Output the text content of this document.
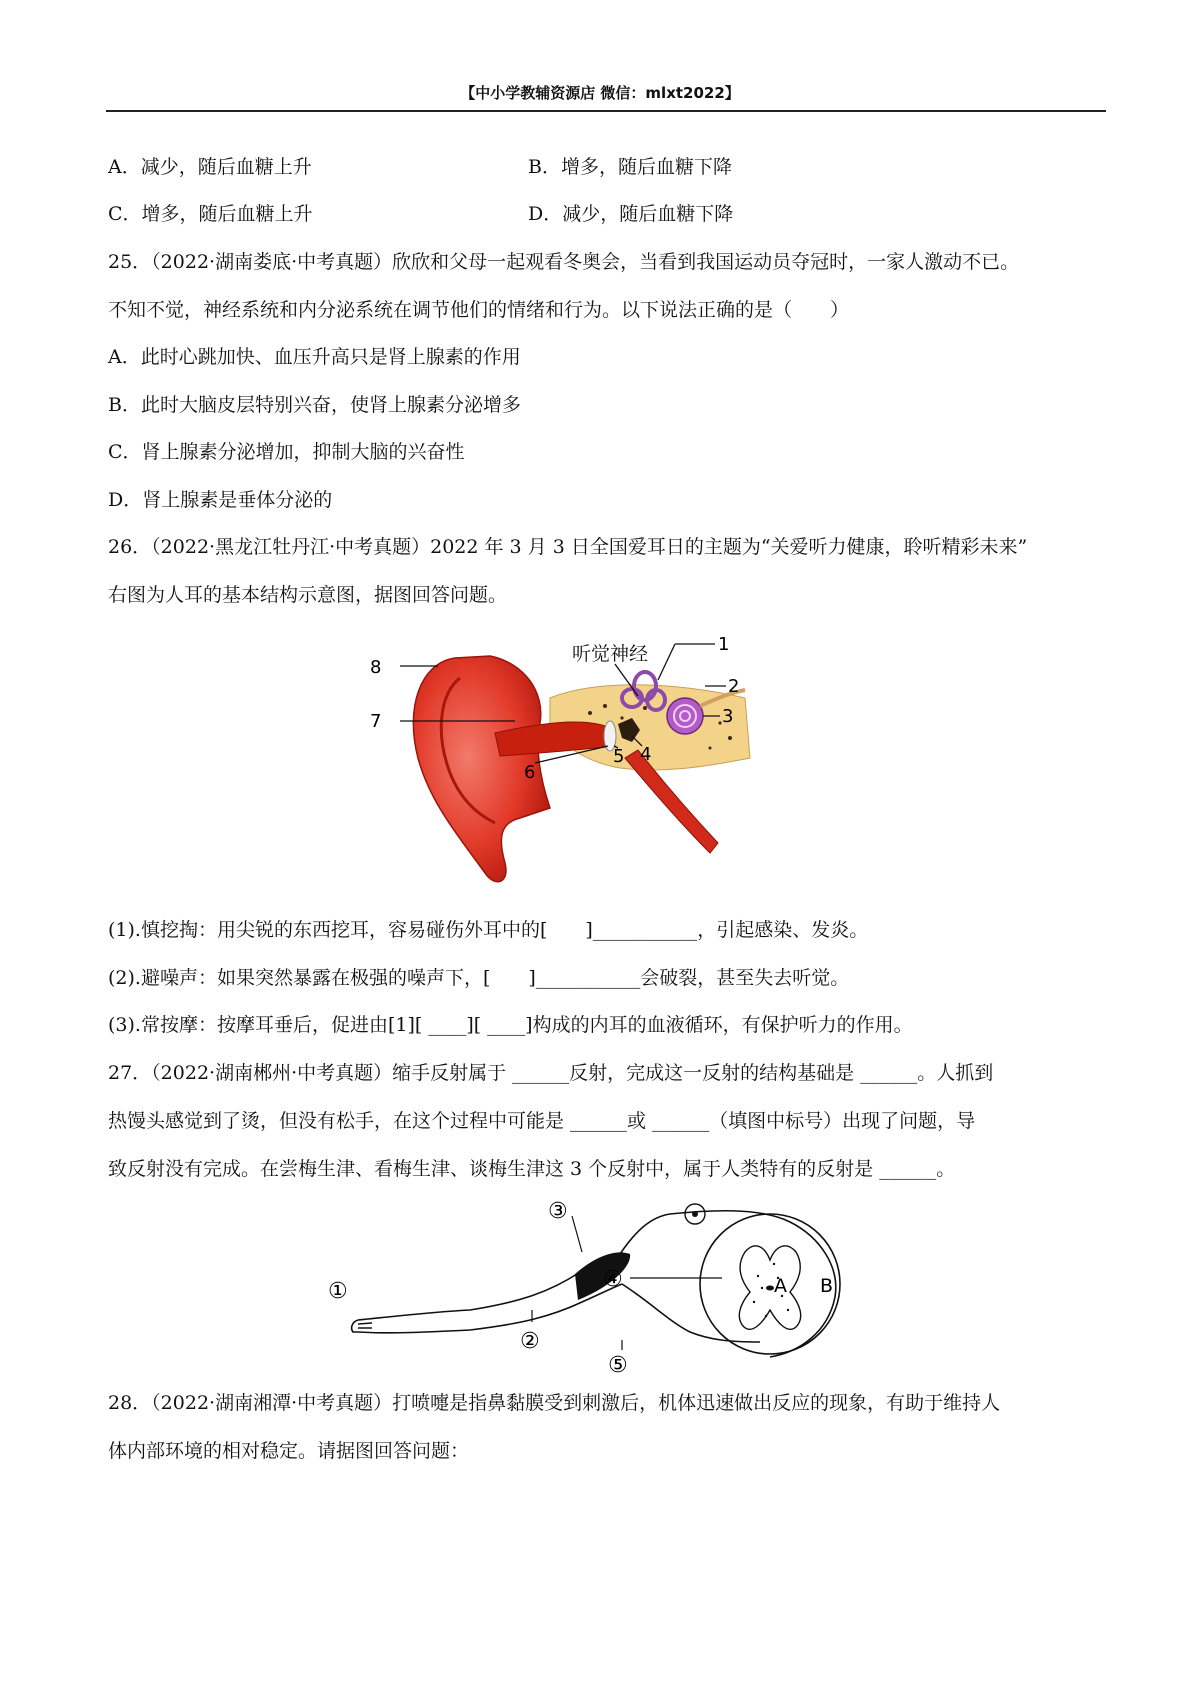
【中小学教辅资源店 微信：mlxt2022】
A．减少，随后血糖上升	B．增多，随后血糖下降
C．增多，随后血糖上升	D．减少，随后血糖下降
25．（2022·湖南娄底·中考真题）欣欣和父母一起观看冬奥会，当看到我国运动员夺冠时，一家人激动不已。
不知不觉，神经系统和内分泌系统在调节他们的情绪和行为。以下说法正确的是（　　）
A．此时心跳加快、血压升高只是肾上腺素的作用
B．此时大脑皮层特别兴奋，使肾上腺素分泌增多
C．肾上腺素分泌增加，抑制大脑的兴奋性
D．肾上腺素是垂体分泌的
26．（2022·黑龙江牡丹江·中考真题）2022 年 3 月 3 日全国爱耳日的主题为“关爱听力健康，聆听精彩未来”
右图为人耳的基本结构示意图，据图回答问题。
听觉神经	1
2
3
4
5
6
7
8
(1).慎挖掏：用尖锐的东西挖耳，容易碰伤外耳中的[　　]___________，引起感染、发炎。
(2).避噪声：如果突然暴露在极强的噪声下，[　　]___________会破裂，甚至失去听觉。
(3).常按摩：按摩耳垂后，促进由[1][ ____][ ____]构成的内耳的血液循环，有保护听力的作用。
27．（2022·湖南郴州·中考真题）缩手反射属于 ______反射，完成这一反射的结构基础是 ______。人抓到
热馒头感觉到了烫，但没有松手，在这个过程中可能是 ______或 ______（填图中标号）出现了问题，导
致反射没有完成。在尝梅生津、看梅生津、谈梅生津这 3 个反射中，属于人类特有的反射是 ______。
①
②
③
④
⑤
A B
28．（2022·湖南湘潭·中考真题）打喷嚏是指鼻黏膜受到刺激后，机体迅速做出反应的现象，有助于维持人
体内部环境的相对稳定。请据图回答问题：
